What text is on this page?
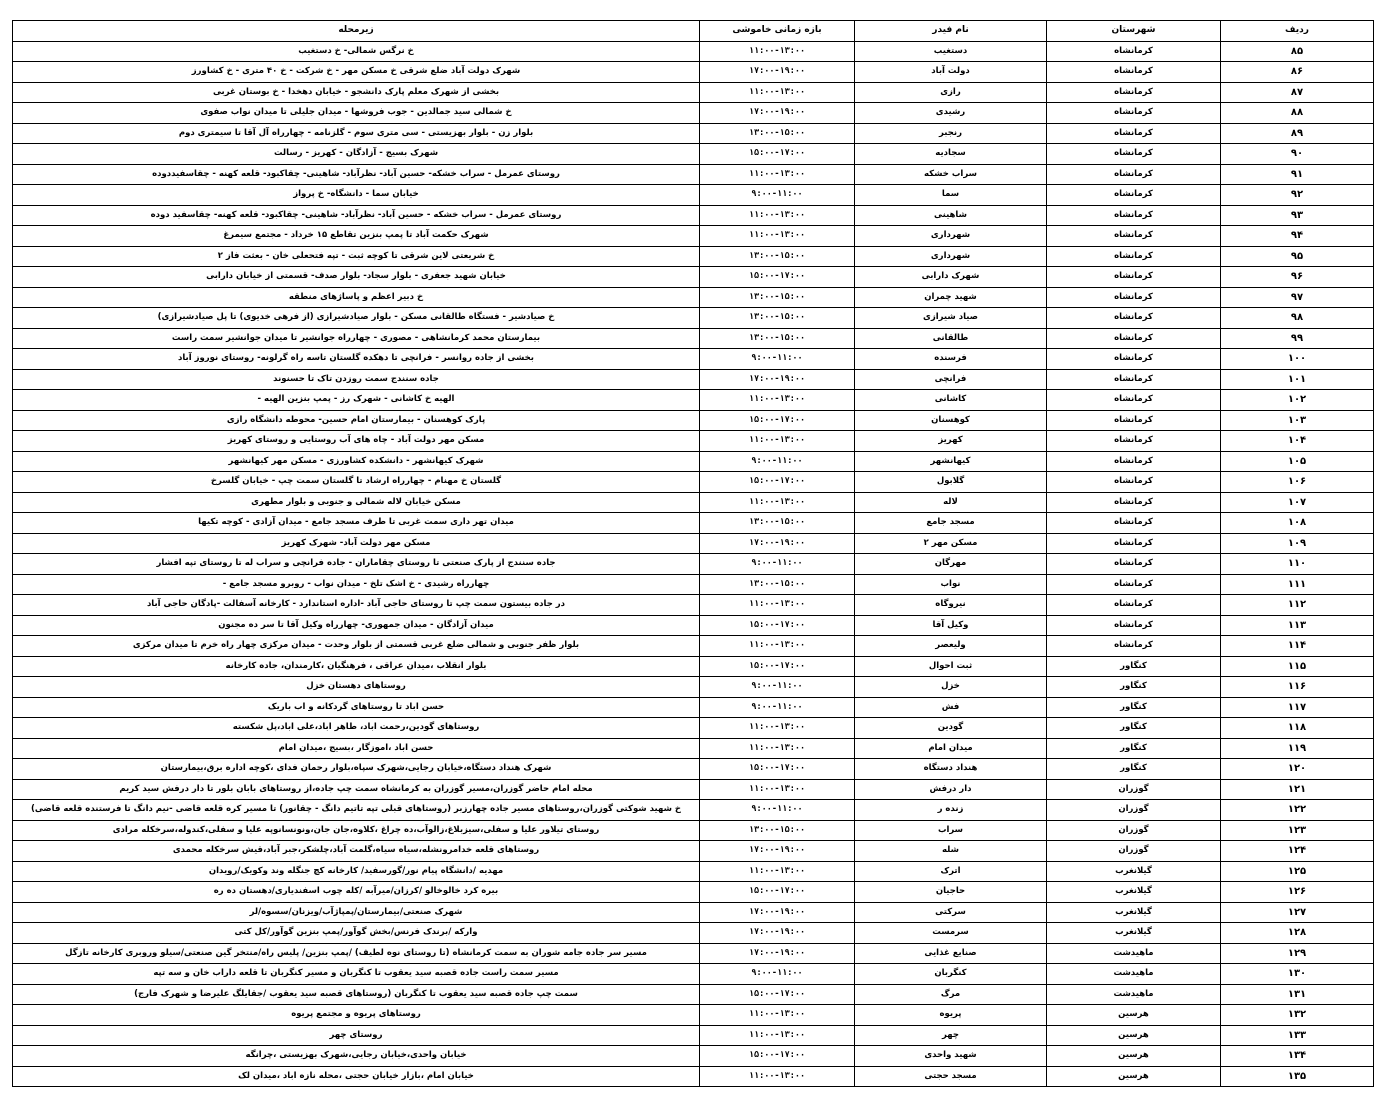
ردیف	شهرستان	نام فیدر	بازه زمانی خاموشی	زیرمحله
۸۵	کرمانشاه	دستغیب	۱۱:۰۰-۱۳:۰۰	خ نرگس شمالی- خ دستغیب
۸۶	کرمانشاه	دولت آباد	۱۷:۰۰-۱۹:۰۰	شهرک دولت آباد ضلع شرقی خ مسکن مهر - خ شرکت - خ ۴۰ متری - خ کشاورز
۸۷	کرمانشاه	رازی	۱۱:۰۰-۱۳:۰۰	بخشی از شهرک معلم پارک دانشجو - خیابان دهخدا - خ بوستان غربی
۸۸	کرمانشاه	رشیدی	۱۷:۰۰-۱۹:۰۰	خ شمالی سید جمالدین - جوب فروشها - میدان جلیلی تا میدان نواب صفوی
۸۹	کرمانشاه	رنجبر	۱۳:۰۰-۱۵:۰۰	بلوار زن - بلوار بهزیستی - سی متری سوم - گلزنامه - چهارراه آل آقا تا سیمتری دوم
۹۰	کرمانشاه	سجادیه	۱۵:۰۰-۱۷:۰۰	شهرک بسیج - آزادگان - کهریز - رسالت
۹۱	کرمانشاه	سراب خشکه	۱۱:۰۰-۱۳:۰۰	روستای عمرمل - سراب خشکه- حسین آباد- نظرآباد- شاهینی- چقاکبود- قلعه کهنه - چقاسفیددوده
۹۲	کرمانشاه	سما	۹:۰۰-۱۱:۰۰	خیابان سما - دانشگاه- خ پرواز
۹۳	کرمانشاه	شاهینی	۱۱:۰۰-۱۳:۰۰	روستای عمرمل - سراب خشکه - حسین آباد- نظرآباد- شاهینی- چقاکبود- قلعه کهنه- چقاسفید دوده
۹۴	کرمانشاه	شهرداری	۱۱:۰۰-۱۳:۰۰	شهرک حکمت آباد تا پمپ بنزین تقاطع ۱۵ خرداد - مجتمع سیمرغ
۹۵	کرمانشاه	شهرداری	۱۳:۰۰-۱۵:۰۰	خ شریعتی لاین شرقی تا کوچه ثبت - تپه فتحعلی خان - بعثت فاز ۲
۹۶	کرمانشاه	شهرک دارابی	۱۵:۰۰-۱۷:۰۰	خیابان شهید جعفری - بلوار سجاد- بلوار صدف- قسمتی از خیابان دارابی
۹۷	کرمانشاه	شهید چمران	۱۳:۰۰-۱۵:۰۰	خ دبیر اعظم و پاساژهای منطقه
۹۸	کرمانشاه	صیاد شیرازی	۱۳:۰۰-۱۵:۰۰	خ صیادشیر - فستگاه طالقانی مسکن - بلوار صیادشیرازی (از فرهی خدیوی) تا پل صیادشیرازی)
۹۹	کرمانشاه	طالقانی	۱۳:۰۰-۱۵:۰۰	بیمارستان محمد کرمانشاهی - مصوری - چهارراه جوانشیر تا میدان جوانشیر سمت راست
۱۰۰	کرمانشاه	فرسنده	۹:۰۰-۱۱:۰۰	بخشی از جاده روانسر - فرانچی تا دهکده گلستان تاسه راه گرلونه- روستای نوروز آباد
۱۰۱	کرمانشاه	فرانچی	۱۷:۰۰-۱۹:۰۰	جاده سنندج سمت روزدن تاک تا حسنوند
۱۰۲	کرمانشاه	کاشانی	۱۱:۰۰-۱۳:۰۰	الهیه خ کاشانی - شهرک رز - پمپ بنزین الهیه -
۱۰۳	کرمانشاه	کوهسنان	۱۵:۰۰-۱۷:۰۰	پارک کوهسنان - بیمارستان امام حسین- محوطه دانشگاه رازی
۱۰۴	کرمانشاه	کهریز	۱۱:۰۰-۱۳:۰۰	مسکن مهر دولت آباد - چاه های آب روستایی و روستای کهریز
۱۰۵	کرمانشاه	کیهانشهر	۹:۰۰-۱۱:۰۰	شهرک کیهانشهر - دانشکده کشاورزی - مسکن مهر کیهانشهر
۱۰۶	کرمانشاه	گلابول	۱۵:۰۰-۱۷:۰۰	گلستان خ مهنام - چهارراه ارشاد تا گلستان سمت چپ - خیابان گلسرخ
۱۰۷	کرمانشاه	لاله	۱۱:۰۰-۱۳:۰۰	مسکن خیابان لاله شمالی و جنوبی و بلوار مطهری
۱۰۸	کرمانشاه	مسجد جامع	۱۳:۰۰-۱۵:۰۰	میدان تهر داری سمت غربی تا طرف مسجد جامع - میدان آزادی - کوچه تکیها
۱۰۹	کرمانشاه	مسکن مهر ۲	۱۷:۰۰-۱۹:۰۰	مسکن مهر دولت آباد- شهرک کهریز
۱۱۰	کرمانشاه	مهرگان	۹:۰۰-۱۱:۰۰	جاده سنندج از پارک صنعتی تا روستای چقاماران - جاده فرانچی و سراب له تا روستای تپه افشار
۱۱۱	کرمانشاه	نواب	۱۳:۰۰-۱۵:۰۰	چهارراه رشیدی - خ اشک تلخ - میدان نواب - روبرو مسجد جامع -
۱۱۲	کرمانشاه	نیروگاه	۱۱:۰۰-۱۳:۰۰	در جاده بیستون سمت چپ تا روستای حاجی آباد -اداره استاندارد - کارخانه آسفالت -پادگان حاجی آباد
۱۱۳	کرمانشاه	وکیل آقا	۱۵:۰۰-۱۷:۰۰	میدان آزادگان - میدان جمهوری- چهارراه وکیل آقا تا سر ده مجنون
۱۱۴	کرمانشاه	ولیعصر	۱۱:۰۰-۱۳:۰۰	بلوار ظفر جنوبی و شمالی ضلع غربی قسمتی از بلوار وحدت - میدان مرکزی چهار راه خرم تا میدان مرکزی
۱۱۵	کنگاور	ثبت احوال	۱۵:۰۰-۱۷:۰۰	بلوار انقلاب ،میدان عراقی ، فرهنگیان ،کارمندان، جاده کارخانه
۱۱۶	کنگاور	خزل	۹:۰۰-۱۱:۰۰	روستاهای دهستان خزل
۱۱۷	کنگاور	فش	۹:۰۰-۱۱:۰۰	حسن اباد تا روستاهای گردکانه و اب باریک
۱۱۸	کنگاور	گودین	۱۱:۰۰-۱۳:۰۰	روستاهای گودین،رحمت اباد، طاهر اباد،علی اباد،پل شکسته
۱۱۹	کنگاور	میدان امام	۱۱:۰۰-۱۳:۰۰	حسن اباد ،اموزگار ،بسیج ،میدان امام
۱۲۰	کنگاور	هنداد دستگاه	۱۵:۰۰-۱۷:۰۰	شهرک هنداد دستگاه،خیابان رجایی،شهرک سپاه،بلوار رحمان فدای ،کوچه اداره برق،بیمارستان
۱۲۱	گوزران	دار درفش	۱۱:۰۰-۱۳:۰۰	محله امام حاضر گوزران،مسیر گوزران به کرمانشاه سمت چپ جاده،از روستاهای بابان بلور تا دار درفش سید کریم
۱۲۲	گوزران	زنده ر	۹:۰۰-۱۱:۰۰	خ شهید شوکتی گوزران،روستاهای مسیر جاده چهارزبر (روستاهای قبلی تپه تاتیم دانگ - چقانور) تا مسیر کره قلعه قاضی -نیم دانگ تا فرستنده قلعه قاضی)
۱۲۳	گوزران	سراب	۱۳:۰۰-۱۵:۰۰	روستای تیلاور علیا و سفلی،سیزبلاغ،زالوآب،ده چراغ ،کلاوه،جان جان،ونونسانوپه علیا و سفلی،کندوله،سرخکله مرادی
۱۲۴	گوزران	شله	۱۷:۰۰-۱۹:۰۰	روستاهای قلعه خدامرونشله،سیاه سیاه،گلمت آباد،چلشکر،جبر آباد،قیش سرخکله محمدی
۱۲۵	گیلانغرب	اترک	۱۱:۰۰-۱۳:۰۰	مهدیه /دانشگاه پیام نور/گورسفید/ کارخانه کچ جنگله وند وکویک/رویدان
۱۲۶	گیلانغرب	حاجیان	۱۵:۰۰-۱۷:۰۰	بیره کرد خالوخالو /کرزان/میرآبه /کله چوب اسفندیاری/دهستان ده ره
۱۲۷	گیلانغرب	سرکتی	۱۷:۰۰-۱۹:۰۰	شهرک صنعتی/بیمارستان/پمپاژآب/ویزنان/سسوه/لر
۱۲۸	گیلانغرب	سرمست	۱۷:۰۰-۱۹:۰۰	وارکه /برندک فرنس/بخش گوآور/پمپ بنزین گوآور/کل کتی
۱۲۹	ماهیدشت	صنایع غذایی	۱۷:۰۰-۱۹:۰۰	مسیر سر جاده جامه شوران به سمت کرمانشاه (تا روستای نوه لطیف) /پمپ بنزین/ پلیس راه/منتخر گین صنعتی/سیلو وروبری کارخانه تازگل
۱۳۰	ماهیدشت	کنگربان	۹:۰۰-۱۱:۰۰	مسیر سمت راست جاده قصبه سید یعقوب تا کنگربان و مسیر کنگربان تا قلعه داراب خان و سه تپه
۱۳۱	ماهیدشت	مرگ	۱۵:۰۰-۱۷:۰۰	سمت چپ جاده قصبه سید یعقوب تا کنگربان (روستاهای قصبه سید یعقوب /جقایلگ علیرضا و شهرک فارج)
۱۳۲	هرسین	پریوه	۱۱:۰۰-۱۳:۰۰	روستاهای پریوه و مجتمع پریوه
۱۳۳	هرسین	چهر	۱۱:۰۰-۱۳:۰۰	روستای چهر
۱۳۴	هرسین	شهید واحدی	۱۵:۰۰-۱۷:۰۰	خیابان واحدی،خیابان رجایی،شهرک بهزیستی ،چرانگه
۱۳۵	هرسین	مسجد حجتی	۱۱:۰۰-۱۳:۰۰	خیابان امام ،بازار خیابان حجتی ،محله نازه اباد ،میدان لک
